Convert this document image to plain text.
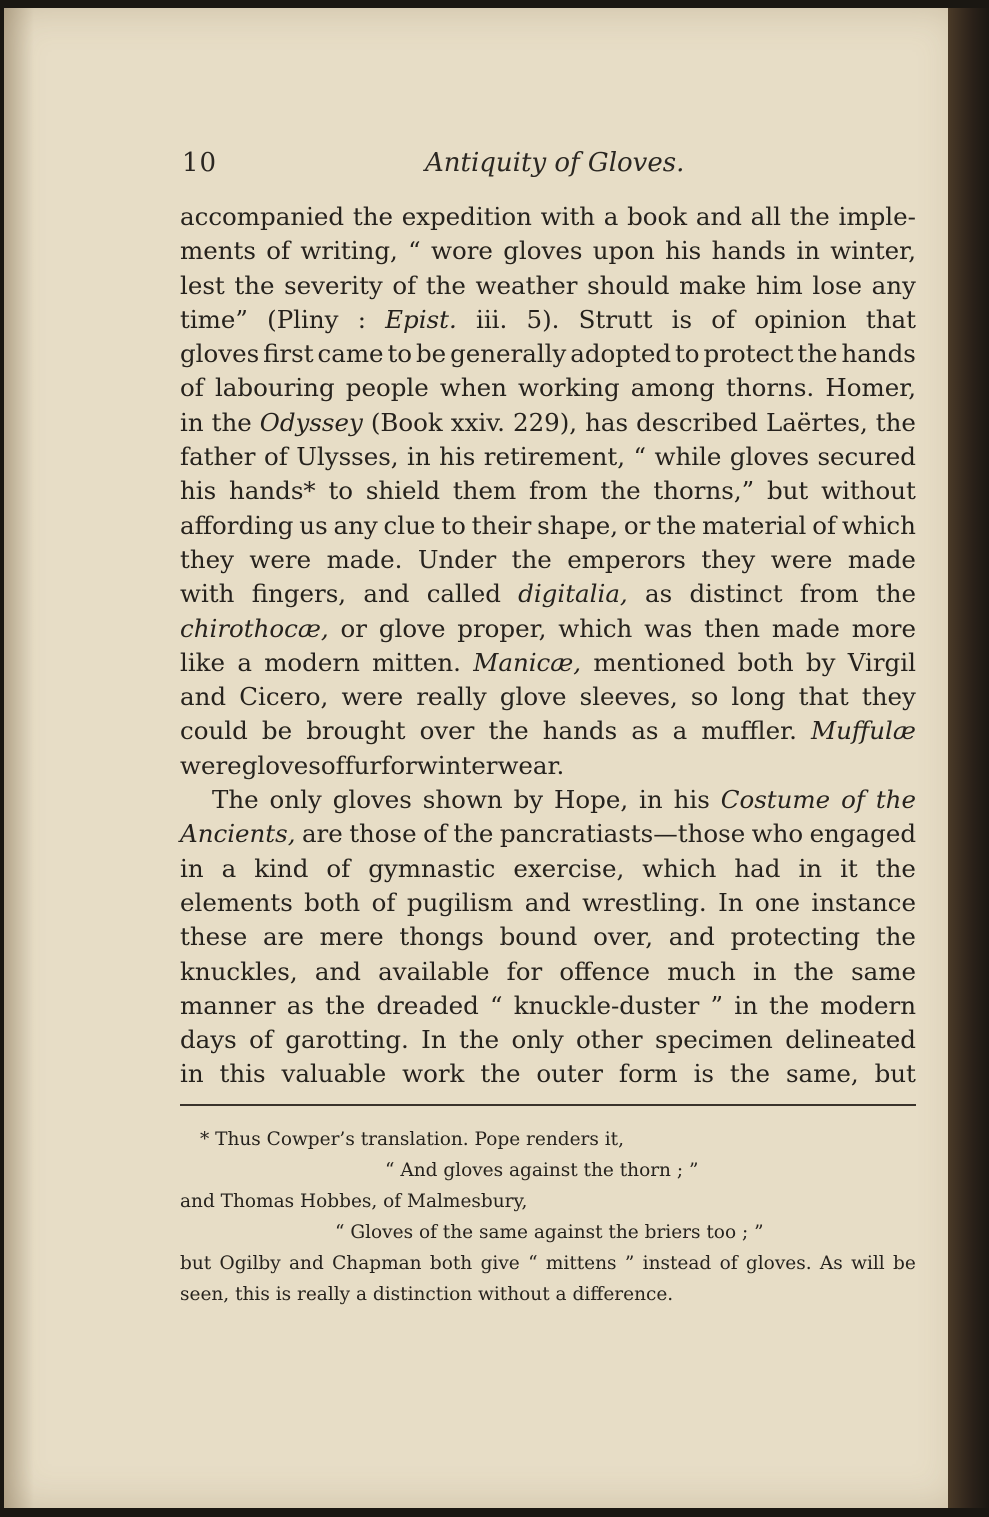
10	Antiquity of Gloves.
accompanied the expedition with a book and all the imple-
ments of writing, “ wore gloves upon his hands in winter,
lest the severity of the weather should make him lose any
time” (Pliny : Epist. iii. 5). Strutt is of opinion that
gloves first came to be generally adopted to protect the hands
of labouring people when working among thorns. Homer,
in the Odyssey (Book xxiv. 229), has described Laërtes, the
father of Ulysses, in his retirement, “ while gloves secured
his hands* to shield them from the thorns,” but without
affording us any clue to their shape, or the material of which
they were made. Under the emperors they were made
with fingers, and called digitalia, as distinct from the
chirothocæ, or glove proper, which was then made more
like a modern mitten. Manicæ, mentioned both by Virgil
and Cicero, were really glove sleeves, so long that they
could be brought over the hands as a muffler. Muffulæ
were gloves of fur for winter wear.
The only gloves shown by Hope, in his Costume of the
Ancients, are those of the pancratiasts—those who engaged
in a kind of gymnastic exercise, which had in it the
elements both of pugilism and wrestling. In one instance
these are mere thongs bound over, and protecting the
knuckles, and available for offence much in the same
manner as the dreaded “ knuckle-duster ” in the modern
days of garotting. In the only other specimen delineated
in this valuable work the outer form is the same, but
* Thus Cowper’s translation. Pope renders it,
“ And gloves against the thorn ; ”
and Thomas Hobbes, of Malmesbury,
“ Gloves of the same against the briers too ; ”
but Ogilby and Chapman both give “ mittens ” instead of gloves. As will be
seen, this is really a distinction without a difference.
